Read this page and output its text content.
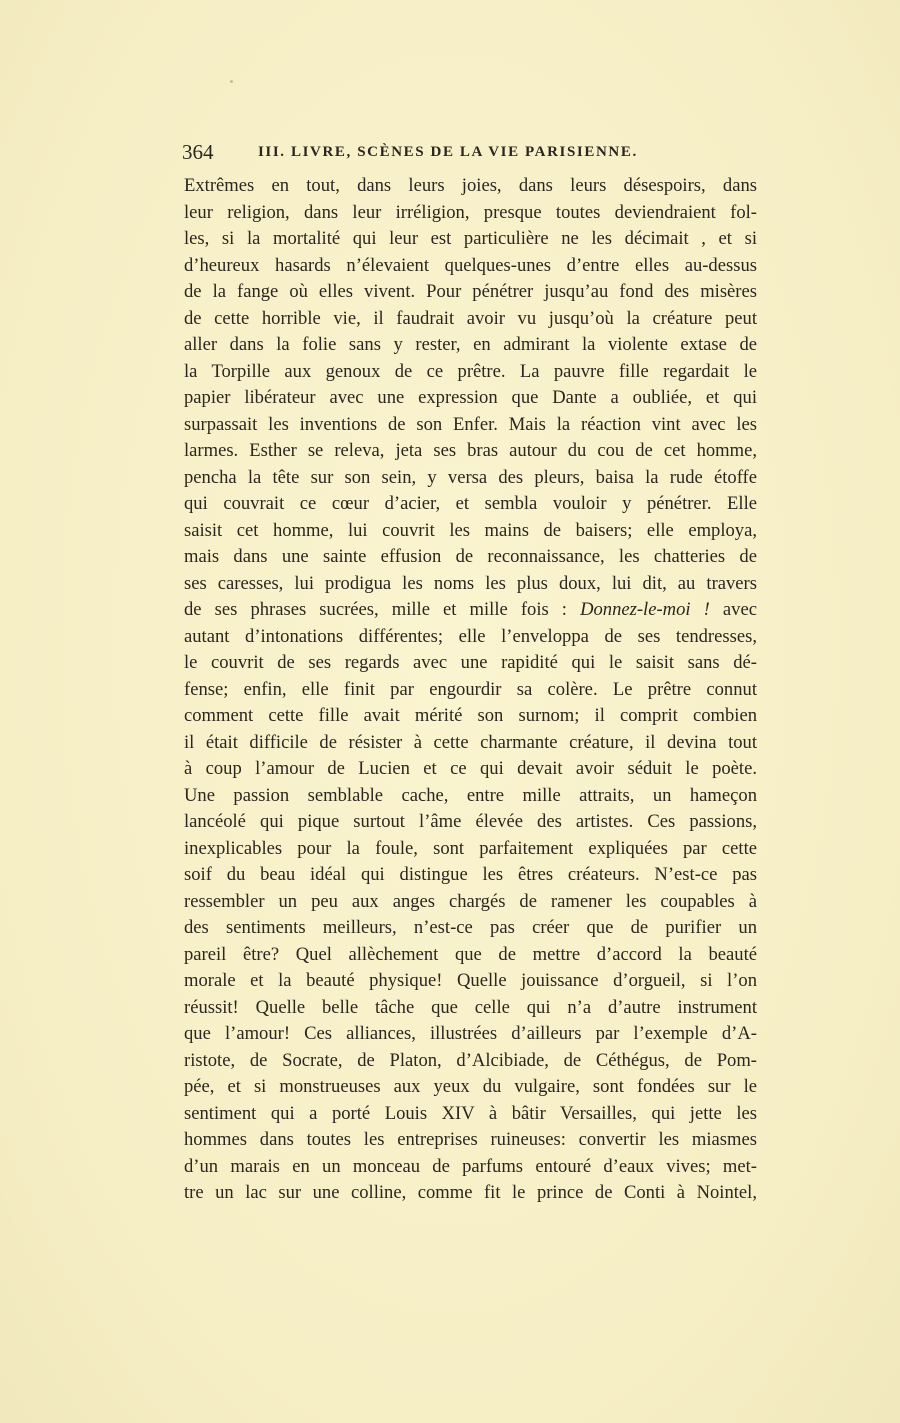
364	III. LIVRE, SCÈNES DE LA VIE PARISIENNE.
Extrêmes en tout, dans leurs joies, dans leurs désespoirs, dans
leur religion, dans leur irréligion, presque toutes deviendraient fol-
les, si la mortalité qui leur est particulière ne les décimait , et si
d’heureux hasards n’élevaient quelques-unes d’entre elles au-dessus
de la fange où elles vivent. Pour pénétrer jusqu’au fond des misères
de cette horrible vie, il faudrait avoir vu jusqu’où la créature peut
aller dans la folie sans y rester, en admirant la violente extase de
la Torpille aux genoux de ce prêtre. La pauvre fille regardait le
papier libérateur avec une expression que Dante a oubliée, et qui
surpassait les inventions de son Enfer. Mais la réaction vint avec les
larmes. Esther se releva, jeta ses bras autour du cou de cet homme,
pencha la tête sur son sein, y versa des pleurs, baisa la rude étoffe
qui couvrait ce cœur d’acier, et sembla vouloir y pénétrer. Elle
saisit cet homme, lui couvrit les mains de baisers; elle employa,
mais dans une sainte effusion de reconnaissance, les chatteries de
ses caresses, lui prodigua les noms les plus doux, lui dit, au travers
de ses phrases sucrées, mille et mille fois : Donnez-le-moi ! avec
autant d’intonations différentes; elle l’enveloppa de ses tendresses,
le couvrit de ses regards avec une rapidité qui le saisit sans dé-
fense; enfin, elle finit par engourdir sa colère. Le prêtre connut
comment cette fille avait mérité son surnom; il comprit combien
il était difficile de résister à cette charmante créature, il devina tout
à coup l’amour de Lucien et ce qui devait avoir séduit le poète.
Une passion semblable cache, entre mille attraits, un hameçon
lancéolé qui pique surtout l’âme élevée des artistes. Ces passions,
inexplicables pour la foule, sont parfaitement expliquées par cette
soif du beau idéal qui distingue les êtres créateurs. N’est-ce pas
ressembler un peu aux anges chargés de ramener les coupables à
des sentiments meilleurs, n’est-ce pas créer que de purifier un
pareil être? Quel allèchement que de mettre d’accord la beauté
morale et la beauté physique! Quelle jouissance d’orgueil, si l’on
réussit! Quelle belle tâche que celle qui n’a d’autre instrument
que l’amour! Ces alliances, illustrées d’ailleurs par l’exemple d’A-
ristote, de Socrate, de Platon, d’Alcibiade, de Céthégus, de Pom-
pée, et si monstrueuses aux yeux du vulgaire, sont fondées sur le
sentiment qui a porté Louis XIV à bâtir Versailles, qui jette les
hommes dans toutes les entreprises ruineuses: convertir les miasmes
d’un marais en un monceau de parfums entouré d’eaux vives; met-
tre un lac sur une colline, comme fit le prince de Conti à Nointel,
